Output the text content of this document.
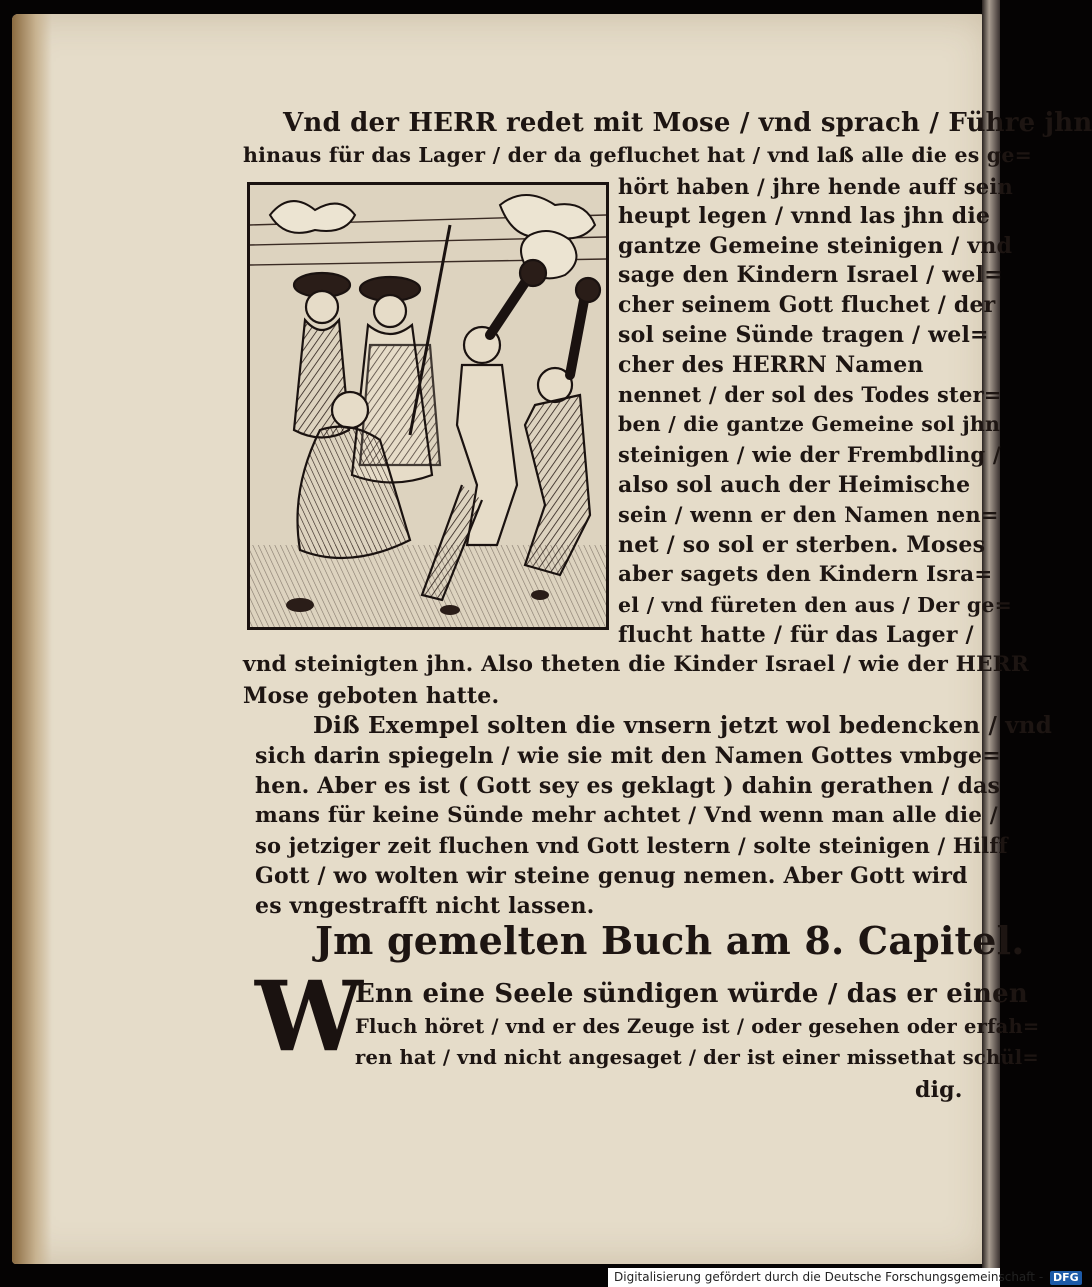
Vnd der HERR redet mit Mose / vnd sprach / Führe jhn
hinaus für das Lager / der da gefluchet hat / vnd laß alle die es ge=
hört haben / jhre hende auff sein
heupt legen / vnnd las jhn die
gantze Gemeine steinigen / vnd
sage den Kindern Israel / wel=
cher seinem Gott fluchet / der
sol seine Sünde tragen / wel=
cher des HERRN Namen
nennet / der sol des Todes ster=
ben / die gantze Gemeine sol jhn
steinigen / wie der Frembdling /
also sol auch der Heimische
sein / wenn er den Namen nen=
net / so sol er sterben. Moses
aber sagets den Kindern Isra=
el / vnd füreten den aus / Der ge=
flucht hatte / für das Lager /
vnd steinigten jhn. Also theten die Kinder Israel / wie der HERR
Mose geboten hatte.
Diß Exempel solten die vnsern jetzt wol bedencken / vnd
sich darin spiegeln / wie sie mit den Namen Gottes vmbge=
hen. Aber es ist ( Gott sey es geklagt ) dahin gerathen / das
mans für keine Sünde mehr achtet / Vnd wenn man alle die /
so jetziger zeit fluchen vnd Gott lestern / solte steinigen / Hilff
Gott / wo wolten wir steine genug nemen. Aber Gott wird
es vngestrafft nicht lassen.
Jm gemelten Buch am 8. Capitel.
W
Enn eine Seele sündigen würde / das er einen
Fluch höret / vnd er des Zeuge ist / oder gesehen oder erfah=
ren hat / vnd nicht angesaget / der ist einer missethat schül=
dig.
Digitalisierung gefördert durch die Deutsche Forschungsgemeinschaft - DFG
